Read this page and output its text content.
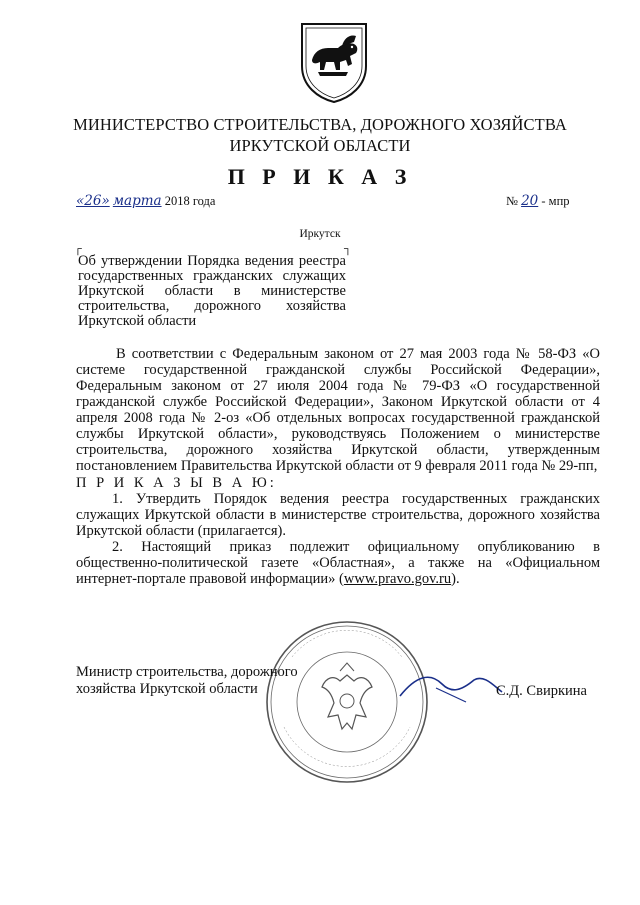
МИНИСТЕРСТВО СТРОИТЕЛЬСТВА, ДОРОЖНОГО ХОЗЯЙСТВА
ИРКУТСКОЙ ОБЛАСТИ
П Р И К А З
«26» марта 2018 года	№ 20 - мпр
Иркутск
┌	┐
Об утверждении Порядка ведения реестра государственных гражданских служащих Иркутской области в министерстве строительства, дорожного хозяйства Иркутской области

В соответствии с Федеральным законом от 27 мая 2003 года № 58-ФЗ «О системе государственной гражданской службы Российской Федерации», Федеральным законом от 27 июля 2004 года № 79-ФЗ «О государственной гражданской службе Российской Федерации», Законом Иркутской области от 4 апреля 2008 года № 2-оз «Об отдельных вопросах государственной гражданской службы Иркутской области», руководствуясь Положением о министерстве строительства, дорожного хозяйства Иркутской области, утвержденным постановлением Правительства Иркутской области от 9 февраля 2011 года № 29-пп,

П Р И К А З Ы В А Ю:

1. Утвердить Порядок ведения реестра государственных гражданских служащих Иркутской области в министерстве строительства, дорожного хозяйства Иркутской области (прилагается).

2. Настоящий приказ подлежит официальному опубликованию в общественно-политической газете «Областная», а также на «Официальном интернет-портале правовой информации» (www.pravo.gov.ru).

Министр строительства, дорожного хозяйства Иркутской области	С.Д. Свиркина
